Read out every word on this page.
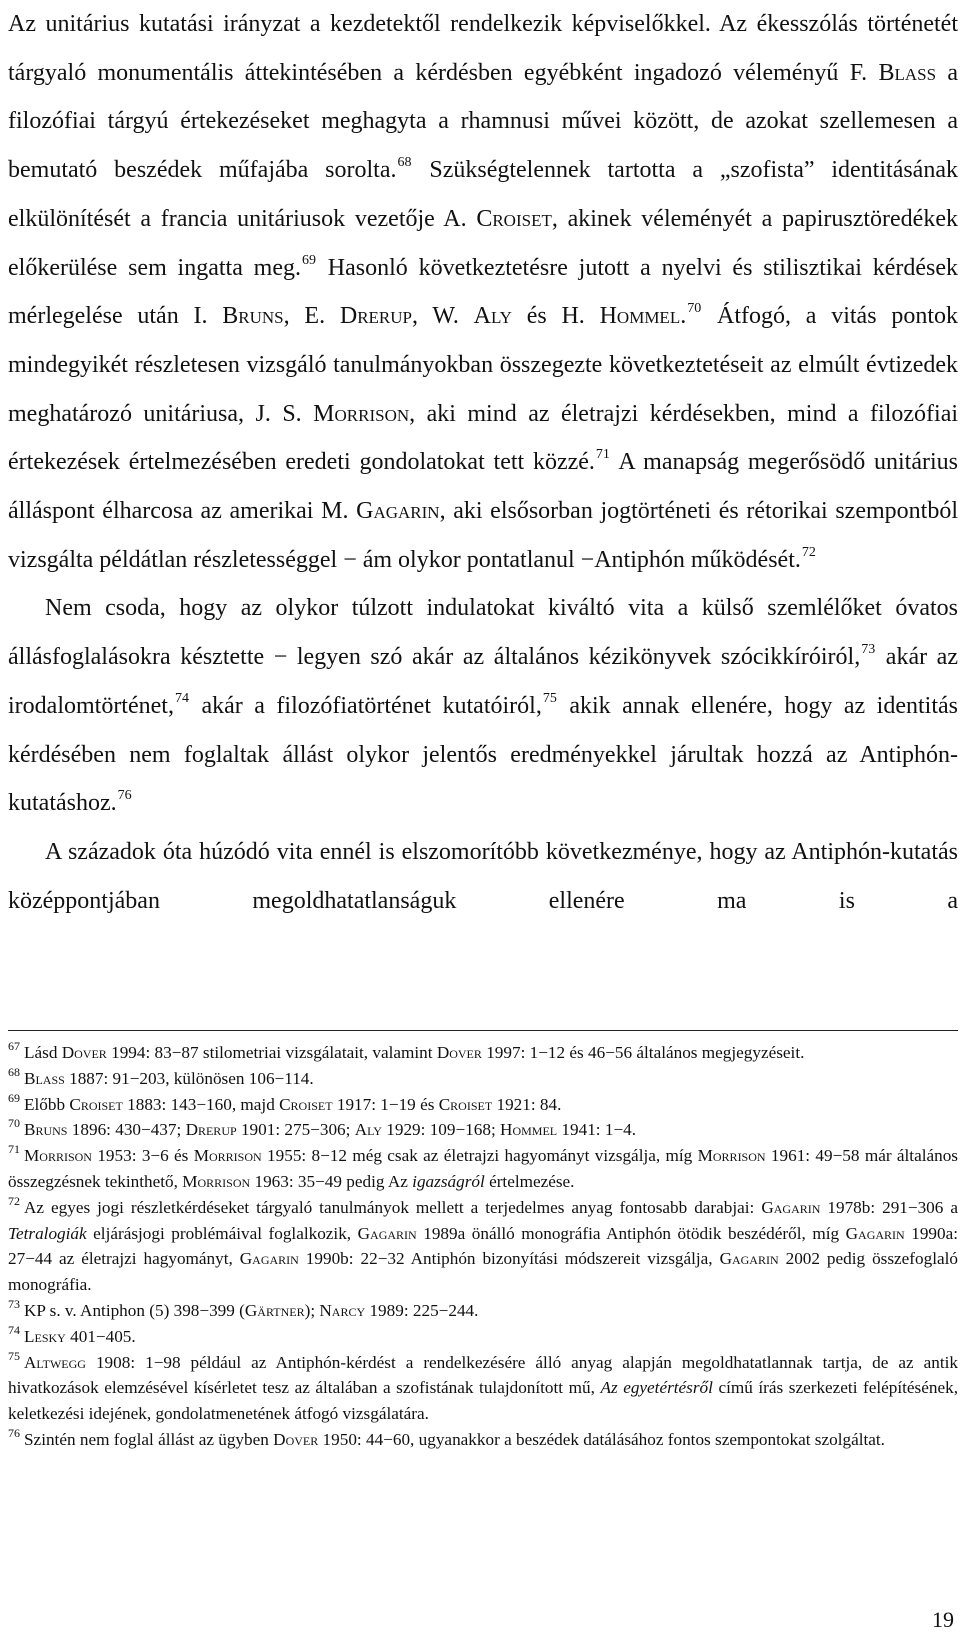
Az unitárius kutatási irányzat a kezdetektől rendelkezik képviselőkkel. Az ékesszólás történetét tárgyaló monumentális áttekintésében a kérdésben egyébként ingadozó véleményű F. Blass a filozófiai tárgyú értekezéseket meghagyta a rhamnusi művei között, de azokat szellemesen a bemutató beszédek műfajába sorolta.$^{68}$ Szükségtelennek tartotta a „szofista” identitásának elkülönítését a francia unitáriusok vezetője A. Croiset, akinek véleményét a papirusztöredékek előkerülése sem ingatta meg.$^{69}$ Hasonló következtetésre jutott a nyelvi és stilisztikai kérdések mérlegelése után I. Bruns, E. Drerup, W. Aly és H. Hommel.$^{70}$ Átfogó, a vitás pontok mindegyikét részletesen vizsgáló tanulmányokban összegezte következtetéseit az elmúlt évtizedek meghatározó unitáriusa, J. S. Morrison, aki mind az életrajzi kérdésekben, mind a filozófiai értekezések értelmezésében eredeti gondolatokat tett közzé.$^{71}$ A manapság megerősödő unitárius álláspont élharcosa az amerikai M. Gagarin, aki elsősorban jogtörténeti és rétorikai szempontból vizsgálta példátlan részletességgel − ám olykor pontatlanul −Antiphón működését.$^{72}$

Nem csoda, hogy az olykor túlzott indulatokat kiváltó vita a külső szemlélőket óvatos állásfoglalásokra késztette − legyen szó akár az általános kézikönyvek szócikkíróiról,$^{73}$ akár az irodalomtörténet,$^{74}$ akár a filozófiatörténet kutatóiról,$^{75}$ akik annak ellenére, hogy az identitás kérdésében nem foglaltak állást olykor jelentős eredményekkel járultak hozzá az Antiphón-kutatáshoz.$^{76}$

A századok óta húzódó vita ennél is elszomorítóbb következménye, hogy az Antiphón-kutatás középpontjában megoldhatatlanságuk ellenére ma is a

$^{67}$ Lásd Dover 1994: 83−87 stilometriai vizsgálatait, valamint Dover 1997: 1−12 és 46−56 általános megjegyzéseit.

$^{68}$ Blass 1887: 91−203, különösen 106−114.

$^{69}$ Előbb Croiset 1883: 143−160, majd Croiset 1917: 1−19 és Croiset 1921: 84.

$^{70}$ Bruns 1896: 430−437; Drerup 1901: 275−306; Aly 1929: 109−168; Hommel 1941: 1−4.

$^{71}$ Morrison 1953: 3−6 és Morrison 1955: 8−12 még csak az életrajzi hagyományt vizsgálja, míg Morrison 1961: 49−58 már általános összegzésnek tekinthető, Morrison 1963: 35−49 pedig Az igazságról értelmezése.

$^{72}$ Az egyes jogi részletkérdéseket tárgyaló tanulmányok mellett a terjedelmes anyag fontosabb darabjai: Gagarin 1978b: 291−306 a Tetralogiák eljárásjogi problémáival foglalkozik, Gagarin 1989a önálló monográfia Antiphón ötödik beszédéről, míg Gagarin 1990a: 27−44 az életrajzi hagyományt, Gagarin 1990b: 22−32 Antiphón bizonyítási módszereit vizsgálja, Gagarin 2002 pedig összefoglaló monográfia.

$^{73}$ KP s. v. Antiphon (5) 398−399 (Gärtner); Narcy 1989: 225−244.

$^{74}$ Lesky 401−405.

$^{75}$ Altwegg 1908: 1−98 például az Antiphón-kérdést a rendelkezésére álló anyag alapján megoldhatatlannak tartja, de az antik hivatkozások elemzésével kísérletet tesz az általában a szofistának tulajdonított mű, Az egyetértésről című írás szerkezeti felépítésének, keletkezési idejének, gondolatmenetének átfogó vizsgálatára.

$^{76}$ Szintén nem foglal állást az ügyben Dover 1950: 44−60, ugyanakkor a beszédek datálásához fontos szempontokat szolgáltat.

19
